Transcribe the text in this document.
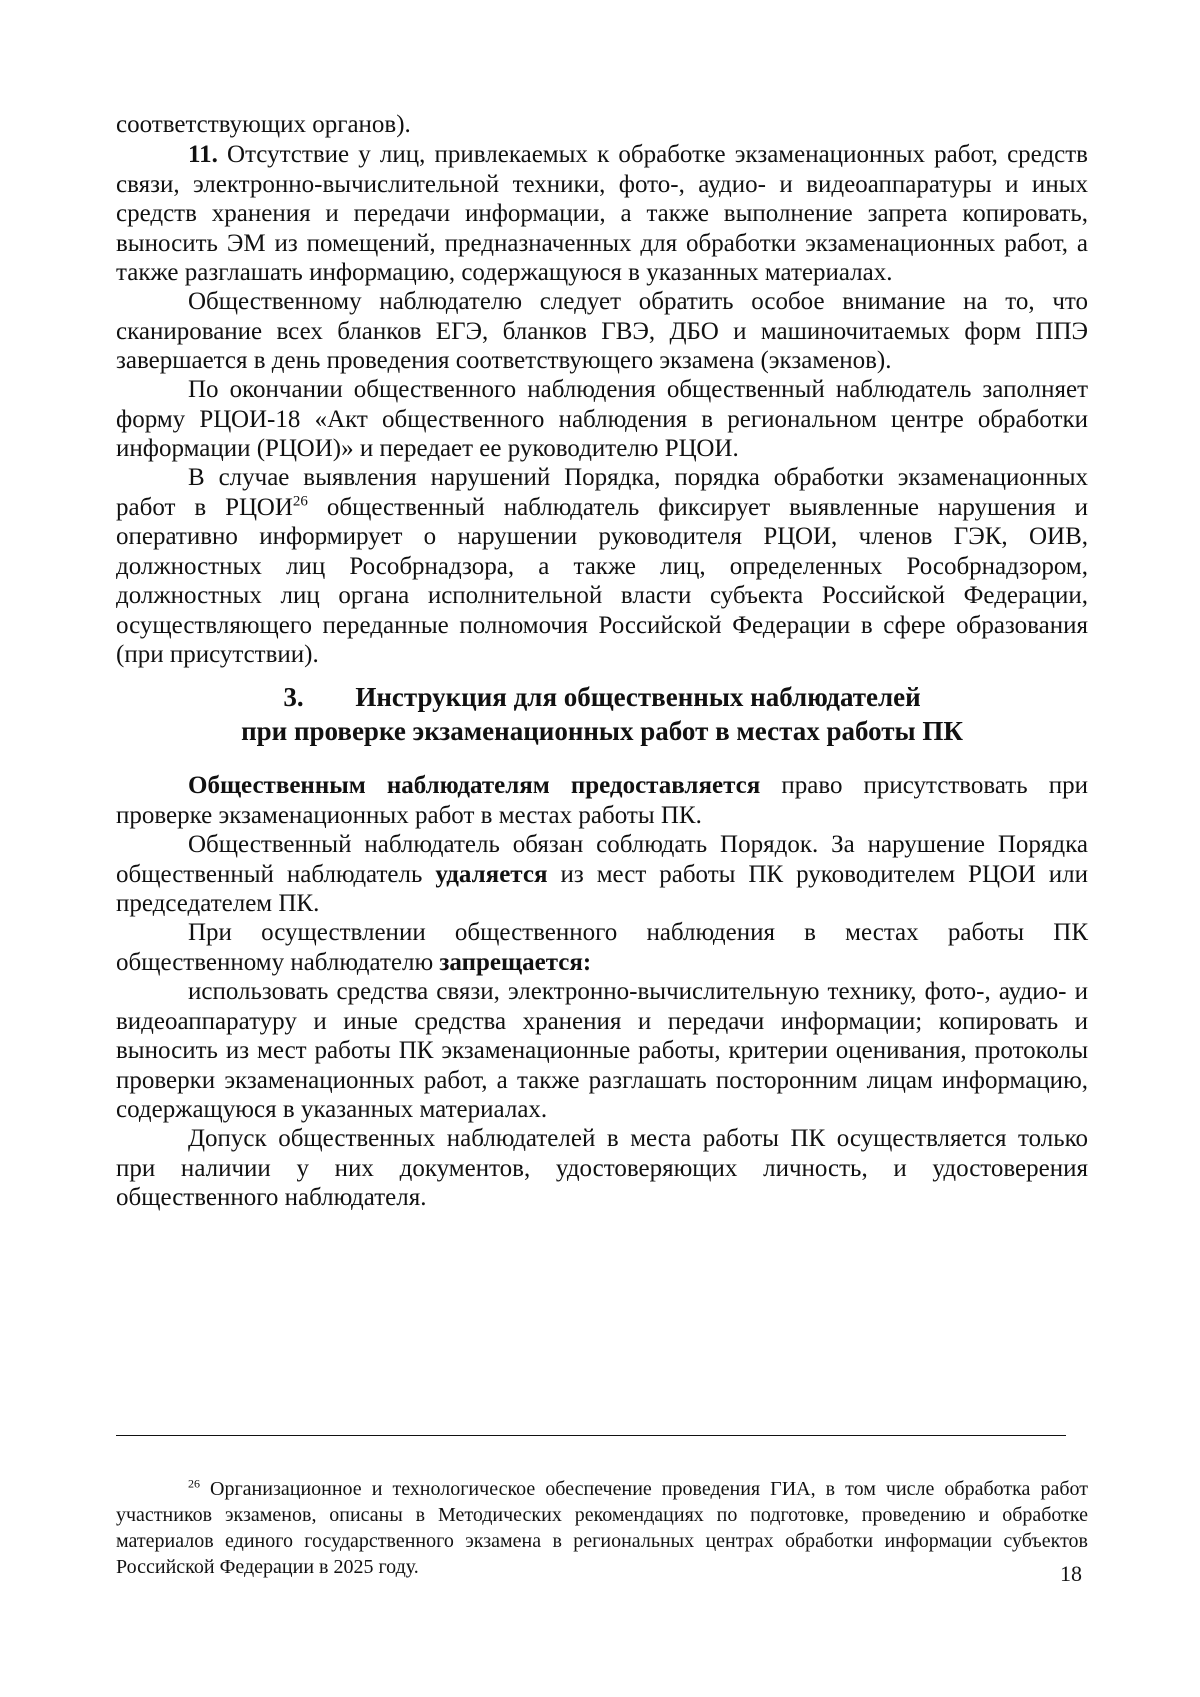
соответствующих органов).

11. Отсутствие у лиц, привлекаемых к обработке экзаменационных работ, средств связи, электронно-вычислительной техники, фото-, аудио- и видеоаппаратуры и иных средств хранения и передачи информации, а также выполнение запрета копировать, выносить ЭМ из помещений, предназначенных для обработки экзаменационных работ, а также разглашать информацию, содержащуюся в указанных материалах.

Общественному наблюдателю следует обратить особое внимание на то, что сканирование всех бланков ЕГЭ, бланков ГВЭ, ДБО и машиночитаемых форм ППЭ завершается в день проведения соответствующего экзамена (экзаменов).

По окончании общественного наблюдения общественный наблюдатель заполняет форму РЦОИ-18 «Акт общественного наблюдения в региональном центре обработки информации (РЦОИ)» и передает ее руководителю РЦОИ.

В случае выявления нарушений Порядка, порядка обработки экзаменационных работ в РЦОИ$^{26}$ общественный наблюдатель фиксирует выявленные нарушения и оперативно информирует о нарушении руководителя РЦОИ, членов ГЭК, ОИВ, должностных лиц Рособрнадзора, а также лиц, определенных Рособрнадзором, должностных лиц органа исполнительной власти субъекта Российской Федерации, осуществляющего переданные полномочия Российской Федерации в сфере образования (при присутствии).

3. Инструкция для общественных наблюдателей
при проверке экзаменационных работ в местах работы ПК

Общественным наблюдателям предоставляется право присутствовать при проверке экзаменационных работ в местах работы ПК.

Общественный наблюдатель обязан соблюдать Порядок. За нарушение Порядка общественный наблюдатель удаляется из мест работы ПК руководителем РЦОИ или председателем ПК.

При осуществлении общественного наблюдения в местах работы ПК общественному наблюдателю запрещается:

использовать средства связи, электронно-вычислительную технику, фото-, аудио- и видеоаппаратуру и иные средства хранения и передачи информации; копировать и выносить из мест работы ПК экзаменационные работы, критерии оценивания, протоколы проверки экзаменационных работ, а также разглашать посторонним лицам информацию, содержащуюся в указанных материалах.

Допуск общественных наблюдателей в места работы ПК осуществляется только при наличии у них документов, удостоверяющих личность, и удостоверения общественного наблюдателя.

$^{26}$ Организационное и технологическое обеспечение проведения ГИА, в том числе обработка работ участников экзаменов, описаны в Методических рекомендациях по подготовке, проведению и обработке материалов единого государственного экзамена в региональных центрах обработки информации субъектов Российской Федерации в 2025 году.	18
